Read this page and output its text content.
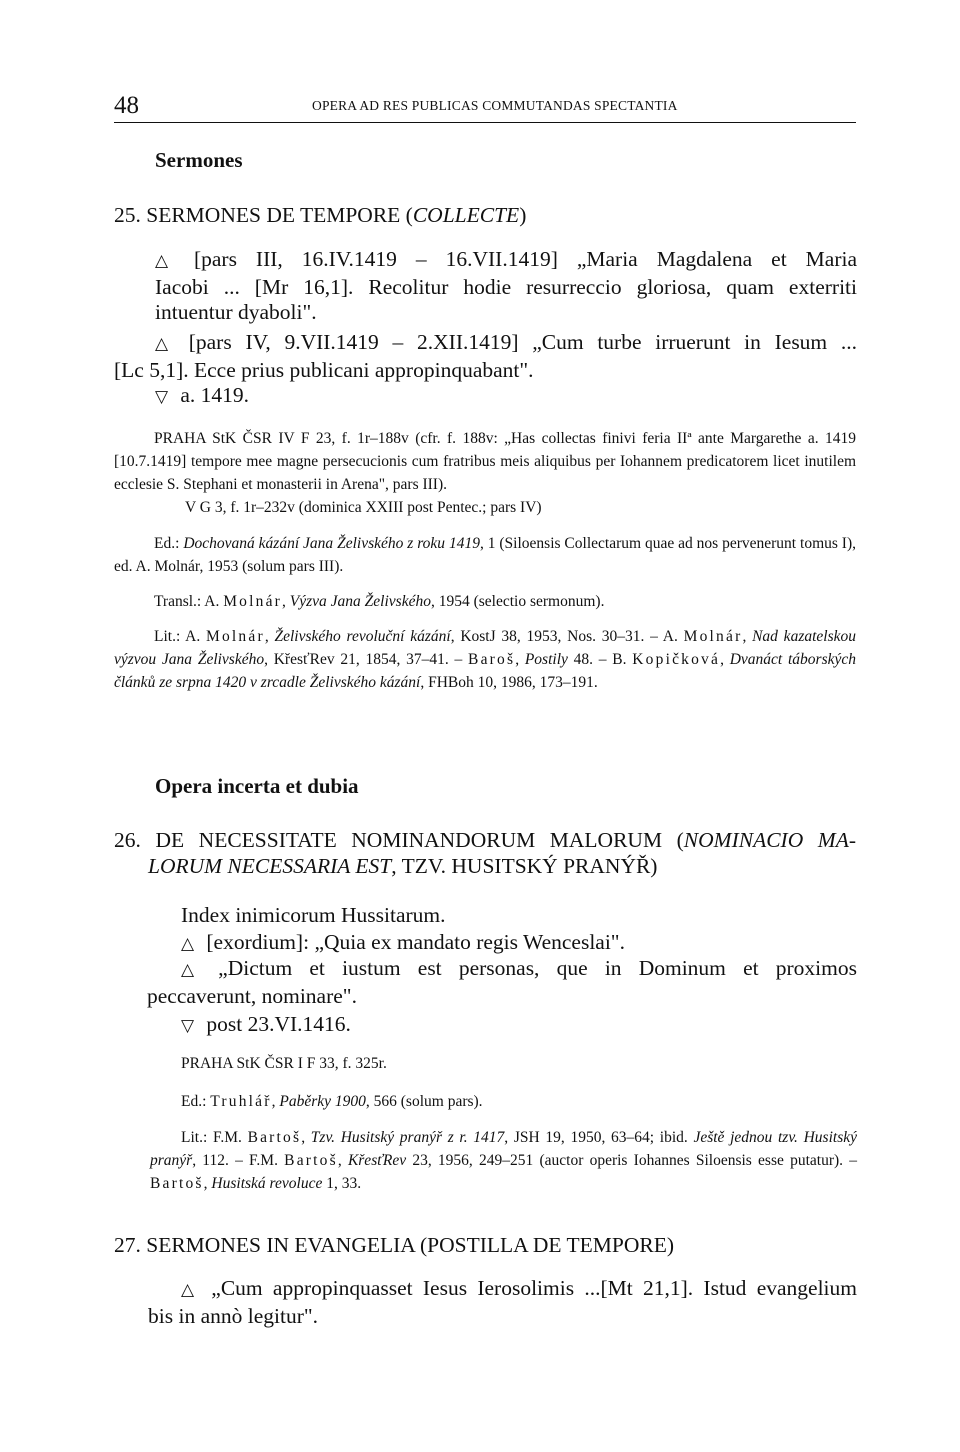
48	OPERA AD RES PUBLICAS COMMUTANDAS SPECTANTIA
Sermones
25. SERMONES DE TEMPORE (COLLECTE)
△ [pars III, 16.IV.1419 – 16.VII.1419] „Maria Magdalena et Maria
Iacobi ... [Mr 16,1]. Recolitur hodie resurreccio gloriosa, quam exterriti
intuentur dyaboli".
△ [pars IV, 9.VII.1419 – 2.XII.1419] „Cum turbe irruerunt in Iesum ...
[Lc 5,1]. Ecce prius publicani appropinquabant".
▽ a. 1419.
PRAHA StK ČSR IV F 23, f. 1r–188v (cfr. f. 188v: „Has collectas finivi feria IIª ante Margarethe a. 1419 [10.7.1419] tempore mee magne persecucionis cum fratribus meis aliquibus per Iohannem predicatorem licet inutilem ecclesie S. Stephani et monasterii in Arena", pars III).
V G 3, f. 1r–232v (dominica XXIII post Pentec.; pars IV)
Ed.: Dochovaná kázání Jana Želivského z roku 1419, 1 (Siloensis Collectarum quae ad nos pervenerunt tomus I), ed. A. Molnár, 1953 (solum pars III).
Transl.: A. Molnár, Výzva Jana Želivského, 1954 (selectio sermonum).
Lit.: A. Molnár, Želivského revoluční kázání, KostJ 38, 1953, Nos. 30–31. – A. Molnár, Nad kazatelskou výzvou Jana Želivského, KřesťRev 21, 1854, 37–41. – Baroš, Postily 48. – B. Kopičková, Dvanáct táborských článků ze srpna 1420 v zrcadle Želivského kázání, FHBoh 10, 1986, 173–191.
Opera incerta et dubia
26. DE NECESSITATE NOMINANDORUM MALORUM (NOMINACIO MA-
LORUM NECESSARIA EST, TZV. HUSITSKÝ PRANÝŘ)
Index inimicorum Hussitarum.
△ [exordium]: „Quia ex mandato regis Wenceslai".
△ „Dictum et iustum est personas, que in Dominum et proximos
peccaverunt, nominare".
▽ post 23.VI.1416.
PRAHA StK ČSR I F 33, f. 325r.
Ed.: Truhlář, Paběrky 1900, 566 (solum pars).
Lit.: F.M. Bartoš, Tzv. Husitský pranýř z r. 1417, JSH 19, 1950, 63–64; ibid. Ještě jednou tzv. Husitský pranýř, 112. – F.M. Bartoš, KřesťRev 23, 1956, 249–251 (auctor operis Iohannes Siloensis esse putatur). – Bartoš, Husitská revoluce 1, 33.
27. SERMONES IN EVANGELIA (POSTILLA DE TEMPORE)
△ „Cum appropinquasset Iesus Ierosolimis ...[Mt 21,1]. Istud evangelium
bis in annò legitur".
